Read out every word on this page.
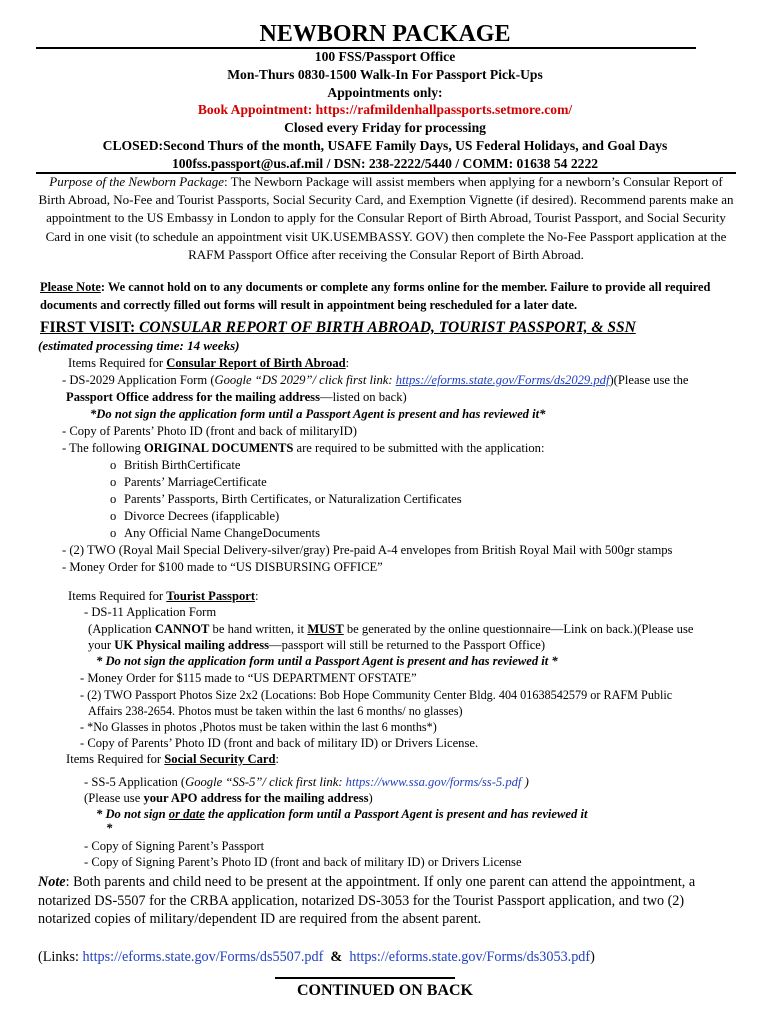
NEWBORN PACKAGE
100 FSS/Passport Office
Mon-Thurs 0830-1500 Walk-In For Passport Pick-Ups
Appointments only:
Book Appointment: https://rafmildenhallpassports.setmore.com/
Closed every Friday for processing
CLOSED:Second Thurs of the month, USAFE Family Days, US Federal Holidays, and Goal Days
100fss.passport@us.af.mil / DSN: 238-2222/5440 / COMM: 01638 54 2222
Purpose of the Newborn Package: The Newborn Package will assist members when applying for a newborn’s Consular Report of Birth Abroad, No-Fee and Tourist Passports, Social Security Card, and Exemption Vignette (if desired). Recommend parents make an appointment to the US Embassy in London to apply for the Consular Report of Birth Abroad, Tourist Passport, and Social Security Card in one visit (to schedule an appointment visit UK.USEMBASSY. GOV) then complete the No-Fee Passport application at the RAFM Passport Office after receiving the Consular Report of Birth Abroad.
Please Note: We cannot hold on to any documents or complete any forms online for the member. Failure to provide all required documents and correctly filled out forms will result in appointment being rescheduled for a later date.
FIRST VISIT: CONSULAR REPORT OF BIRTH ABROAD, TOURIST PASSPORT, & SSN
(estimated processing time: 14 weeks)
Items Required for Consular Report of Birth Abroad:
- DS-2029 Application Form (Google “DS 2029”/ click first link: https://eforms.state.gov/Forms/ds2029.pdf)(Please use the
Passport Office address for the mailing address—listed on back)
*Do not sign the application form until a Passport Agent is present and has reviewed it*
- Copy of Parents’ Photo ID (front and back of militaryID)
- The following ORIGINAL DOCUMENTS are required to be submitted with the application:
o British BirthCertificate
o Parents’ MarriageCertificate
o Parents’ Passports, Birth Certificates, or Naturalization Certificates
o Divorce Decrees (ifapplicable)
o Any Official Name ChangeDocuments
- (2) TWO (Royal Mail Special Delivery-silver/gray) Pre-paid A-4 envelopes from British Royal Mail with 500gr stamps
- Money Order for $100 made to “US DISBURSING OFFICE”
Items Required for Tourist Passport:
- DS-11 Application Form
(Application CANNOT be hand written, it MUST be generated by the online questionnaire—Link on back.)(Please use
your UK Physical mailing address—passport will still be returned to the Passport Office)
* Do not sign the application form until a Passport Agent is present and has reviewed it *
- Money Order for $115 made to “US DEPARTMENT OFSTATE”
- (2) TWO Passport Photos Size 2x2 (Locations: Bob Hope Community Center Bldg. 404 01638542579 or RAFM Public
Affairs 238-2654. Photos must be taken within the last 6 months/ no glasses)
- *No Glasses in photos ,Photos must be taken within the last 6 months*)
- Copy of Parents’ Photo ID (front and back of military ID) or Drivers License.
Items Required for Social Security Card:
- SS-5 Application (Google “SS-5”/ click first link: https://www.ssa.gov/forms/ss-5.pdf )
(Please use your APO address for the mailing address)
* Do not sign or date the application form until a Passport Agent is present and has reviewed it
*
- Copy of Signing Parent’s Passport
- Copy of Signing Parent’s Photo ID (front and back of military ID) or Drivers License
Note: Both parents and child need to be present at the appointment. If only one parent can attend the appointment, a notarized DS-5507 for the CRBA application, notarized DS-3053 for the Tourist Passport application, and two (2) notarized copies of military/dependent ID are required from the absent parent.
(Links: https://eforms.state.gov/Forms/ds5507.pdf  &  https://eforms.state.gov/Forms/ds3053.pdf)
CONTINUED ON BACK
